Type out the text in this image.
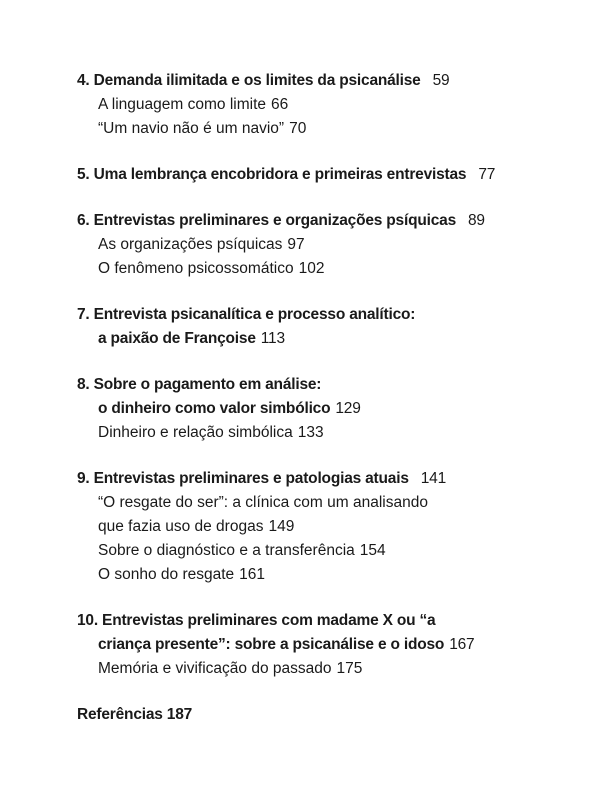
4. Demanda ilimitada e os limites da psicanálise 59
A linguagem como limite 66
“Um navio não é um navio” 70
5. Uma lembrança encobridora e primeiras entrevistas 77
6. Entrevistas preliminares e organizações psíquicas 89
As organizações psíquicas 97
O fenômeno psicossomático 102
7. Entrevista psicanalítica e processo analítico:
a paixão de Françoise 113
8. Sobre o pagamento em análise:
o dinheiro como valor simbólico 129
Dinheiro e relação simbólica 133
9. Entrevistas preliminares e patologias atuais 141
“O resgate do ser”: a clínica com um analisando
que fazia uso de drogas 149
Sobre o diagnóstico e a transferência 154
O sonho do resgate 161
10. Entrevistas preliminares com madame X ou “a
criança presente”: sobre a psicanálise e o idoso 167
Memória e vivificação do passado 175
Referências 187
